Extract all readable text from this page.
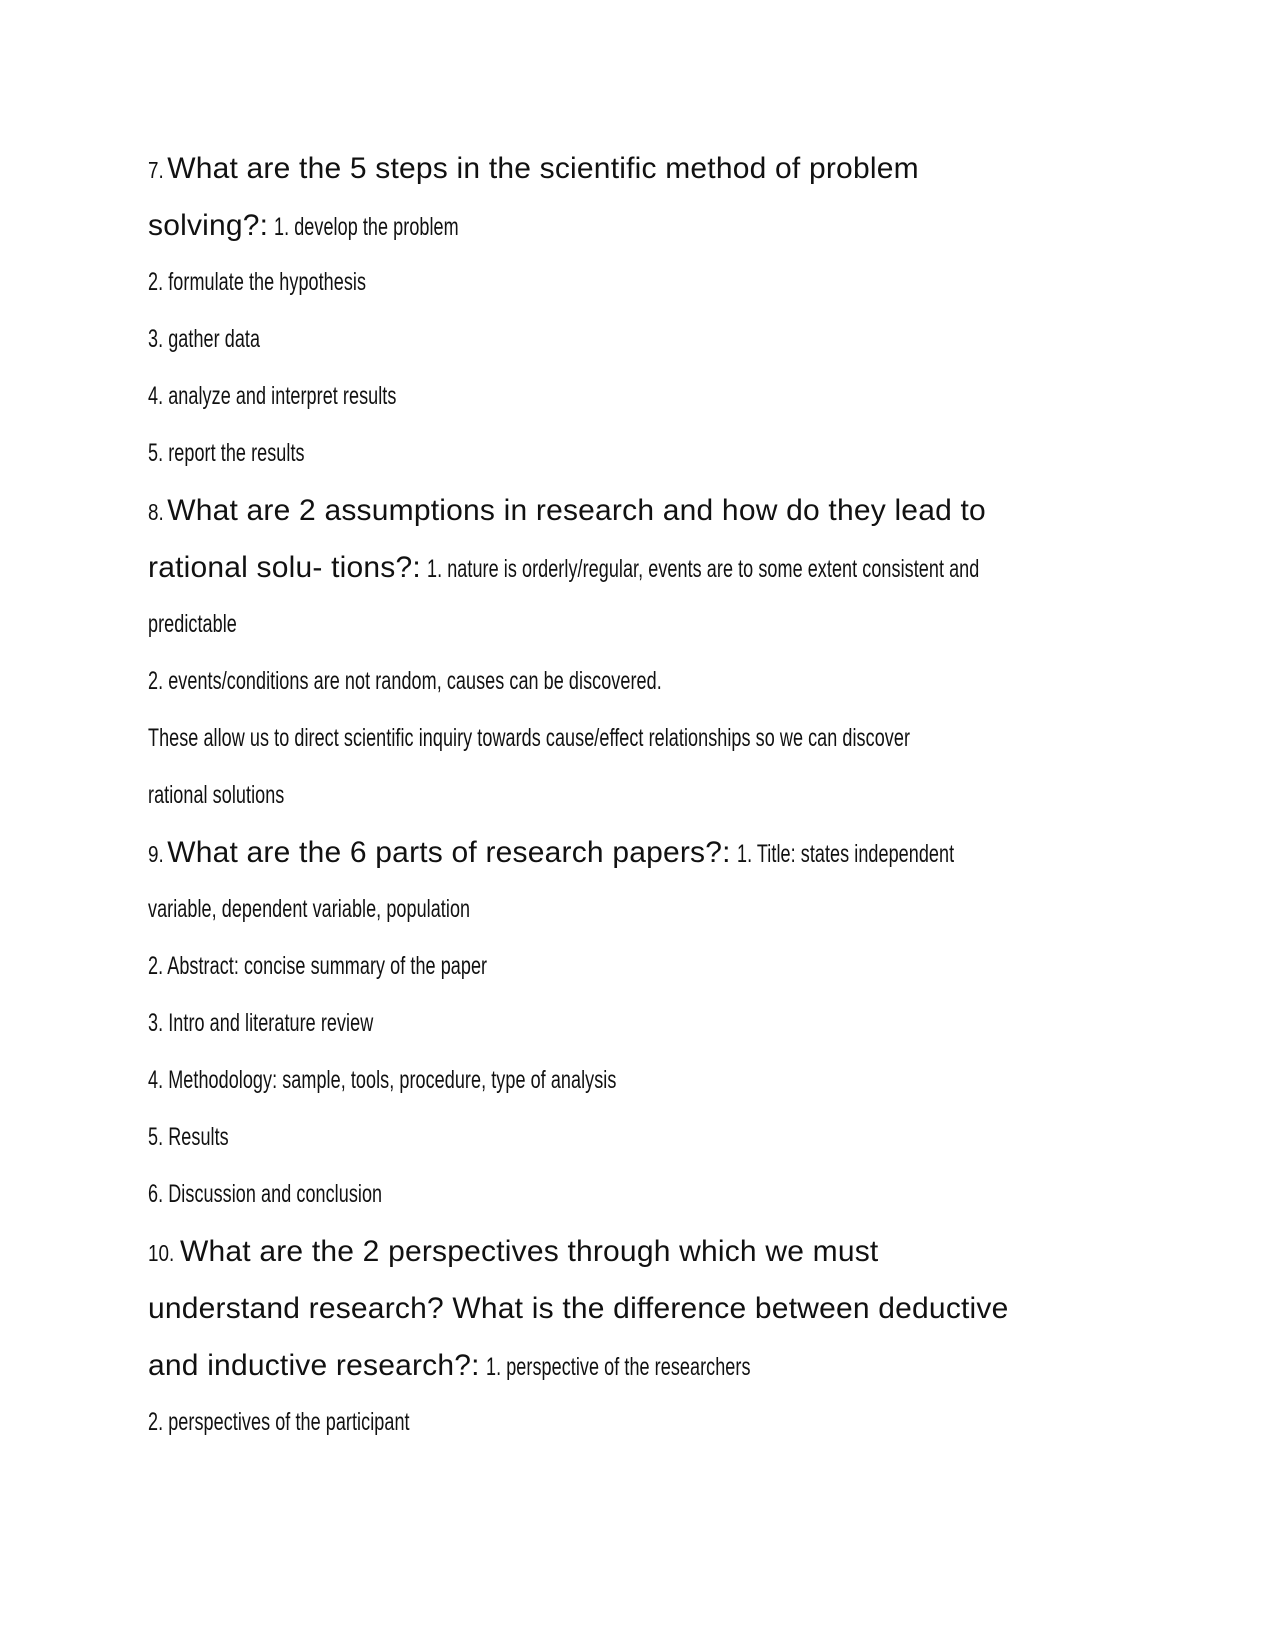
7. What are the 5 steps in the scientific method of problem
solving?: 1. develop the problem
2. formulate the hypothesis
3. gather data
4. analyze and interpret results
5. report the results
8. What are 2 assumptions in research and how do they lead to
rational solu- tions?: 1. nature is orderly/regular, events are to some extent consistent and
predictable
2. events/conditions are not random, causes can be discovered.
These allow us to direct scientific inquiry towards cause/effect relationships so we can discover
rational solutions
9. What are the 6 parts of research papers?: 1. Title: states independent
variable, dependent variable, population
2. Abstract: concise summary of the paper
3. Intro and literature review
4. Methodology: sample, tools, procedure, type of analysis
5. Results
6. Discussion and conclusion
10. What are the 2 perspectives through which we must
understand research? What is the difference between deductive
and inductive research?: 1. perspective of the researchers
2. perspectives of the participant
